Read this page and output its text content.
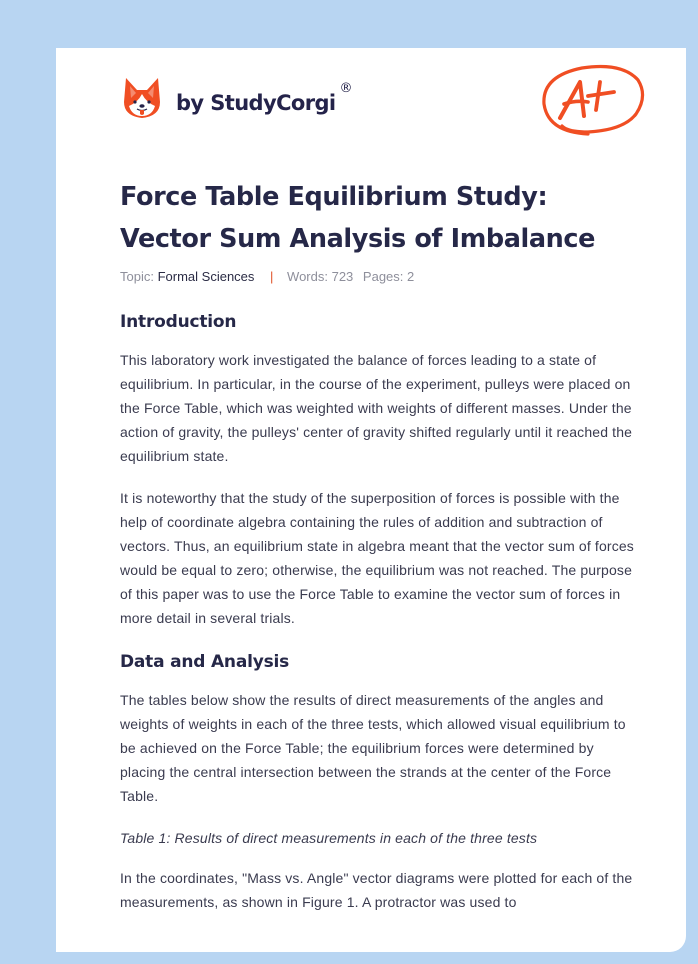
by StudyCorgi
®
Force Table Equilibrium Study: Vector Sum Analysis of Imbalance
Topic: Formal Sciences | Words: 723 Pages: 2
Introduction

This laboratory work investigated the balance of forces leading to a state of equilibrium. In particular, in the course of the experiment, pulleys were placed on the Force Table, which was weighted with weights of different masses. Under the action of gravity, the pulleys' center of gravity shifted regularly until it reached the equilibrium state.

It is noteworthy that the study of the superposition of forces is possible with the help of coordinate algebra containing the rules of addition and subtraction of vectors. Thus, an equilibrium state in algebra meant that the vector sum of forces would be equal to zero; otherwise, the equilibrium was not reached. The purpose of this paper was to use the Force Table to examine the vector sum of forces in more detail in several trials.

Data and Analysis

The tables below show the results of direct measurements of the angles and weights of weights in each of the three tests, which allowed visual equilibrium to be achieved on the Force Table; the equilibrium forces were determined by placing the central intersection between the strands at the center of the Force Table.

Table 1: Results of direct measurements in each of the three tests

In the coordinates, "Mass vs. Angle" vector diagrams were plotted for each of the measurements, as shown in Figure 1. A protractor was used to
